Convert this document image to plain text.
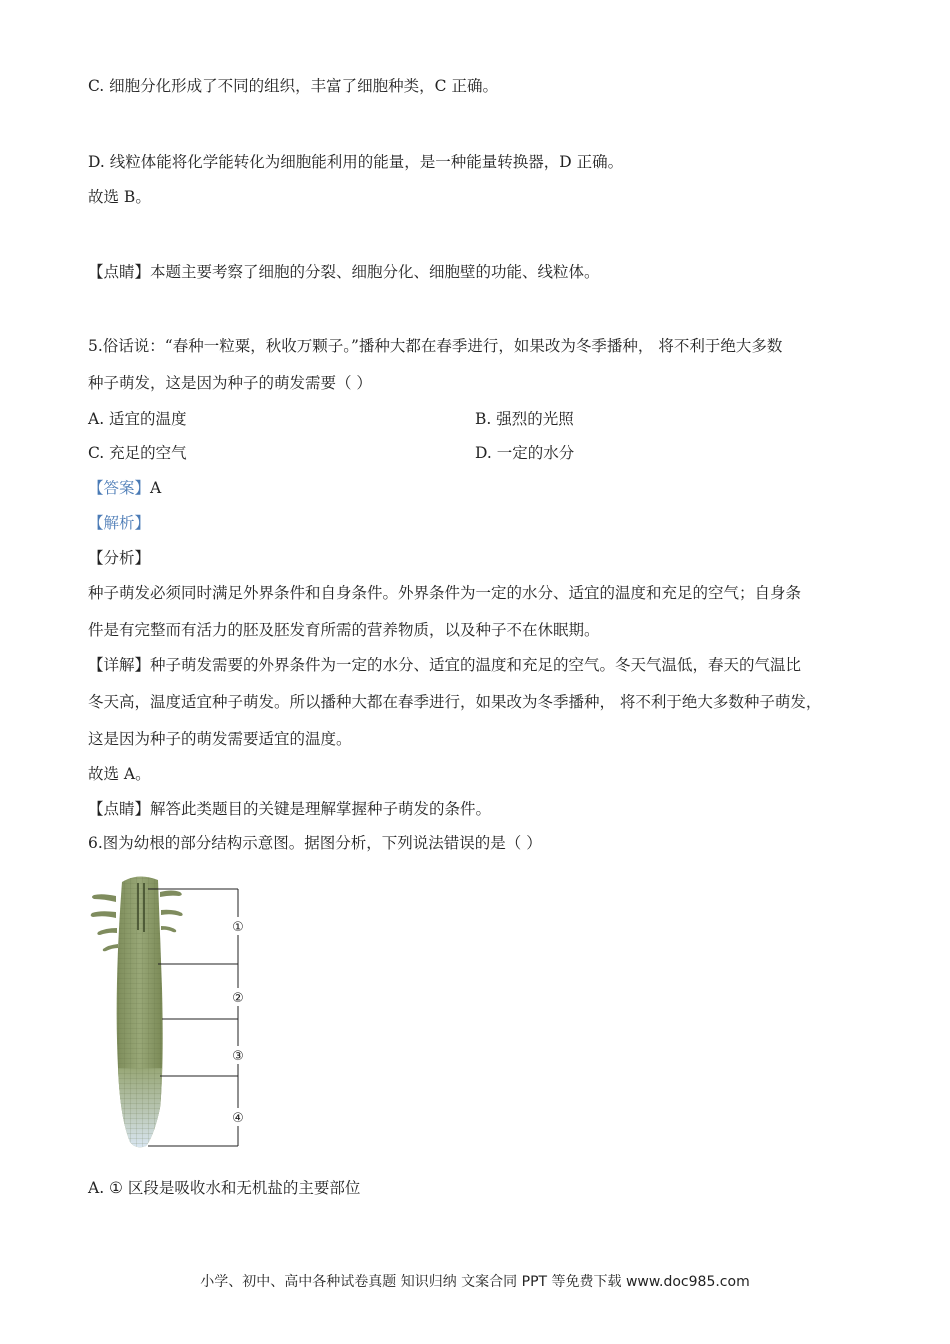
C. 细胞分化形成了不同的组织，丰富了细胞种类，C 正确。
D. 线粒体能将化学能转化为细胞能利用的能量，是一种能量转换器，D 正确。
故选 B。
【点睛】本题主要考察了细胞的分裂、细胞分化、细胞壁的功能、线粒体。
5.俗话说：“春种一粒粟，秋收万颗子。”播种大都在春季进行，如果改为冬季播种， 将不利于绝大多数
种子萌发，这是因为种子的萌发需要（ ）
A. 适宜的温度	B. 强烈的光照
C. 充足的空气	D. 一定的水分
【答案】A
【解析】
【分析】
种子萌发必须同时满足外界条件和自身条件。外界条件为一定的水分、适宜的温度和充足的空气；自身条
件是有完整而有活力的胚及胚发育所需的营养物质，以及种子不在休眠期。
【详解】种子萌发需要的外界条件为一定的水分、适宜的温度和充足的空气。冬天气温低，春天的气温比
冬天高，温度适宜种子萌发。所以播种大都在春季进行，如果改为冬季播种， 将不利于绝大多数种子萌发，
这是因为种子的萌发需要适宜的温度。
故选 A。
【点睛】解答此类题目的关键是理解掌握种子萌发的条件。
6.图为幼根的部分结构示意图。据图分析，下列说法错误的是（ ）
①
②
③
④
A. ① 区段是吸收水和无机盐的主要部位
小学、初中、高中各种试卷真题 知识归纳 文案合同 PPT 等免费下载 www.doc985.com
